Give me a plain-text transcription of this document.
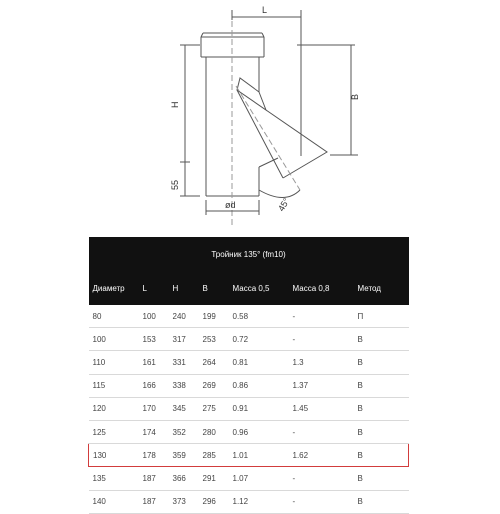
L
B
H
55
ød	45°
Тройник 135° (fm10)						
Диаметр	L	H	B	Масса 0,5	Масса 0,8	Метод
80	100	240	199	0.58	-	П
100	153	317	253	0.72	-	В
110	161	331	264	0.81	1.3	В
115	166	338	269	0.86	1.37	В
120	170	345	275	0.91	1.45	В
125	174	352	280	0.96	-	В
130	178	359	285	1.01	1.62	В
135	187	366	291	1.07	-	В
140	187	373	296	1.12	-	В
